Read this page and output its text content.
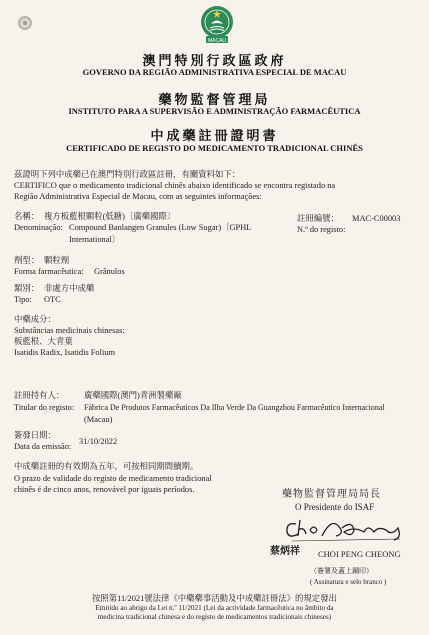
MACAU
澳門特別行政區政府
GOVERNO DA REGIÃO ADMINISTRATIVA ESPECIAL DE MACAU
藥物監督管理局
INSTITUTO PARA A SUPERVISÃO E ADMINISTRAÇÃO FARMACÊUTICA
中成藥註冊證明書
CERTIFICADO DE REGISTO DO MEDICAMENTO TRADICIONAL CHINÊS
茲證明下列中成藥已在澳門特別行政區註冊，有關資料如下：
CERTIFICO que o medicamento tradicional chinês abaixo identificado se encontra registado na
Região Administrativa Especial de Macau, com as seguintes informações:
名稱： 複方板藍根顆粒(低糖)〔廣藥國際〕
Denominação: Compound Banlangen Granules (Low Sugar)〔GPHL
International〕
註冊編號： MAC-C00003
N.º do registo:
劑型： 顆粒劑
Forma farmacêutica: Grânulos
類別： 非處方中成藥
Tipo: OTC
中藥成分：
Substâncias medicinais chinesas:
板藍根、大青葉
Isatidis Radix, Isatidis Folium
註冊持有人： 廣藥國際(澳門)青洲製藥廠
Titular do registo: Fábrica De Produtos Farmacêuticos Da Ilha Verde Da Guangzhou Farmacêutico Internacional
(Macau)
簽發日期：
31/10/2022
Data da emissão:
中成藥註冊的有效期為五年，可按相同期間續期。
O prazo de validade do registo de medicamento tradicional
chinês é de cinco anos, renovável por iguais períodos.	藥物監督管理局局長
O Presidente do ISAF
蔡炳祥 CHOI PENG CHEONG
（簽署及蓋上鋼印）
( Assinatura e selo branco )
按照第11/2021號法律《中藥藥事活動及中成藥註冊法》的規定發出
Emitido ao abrigo da Lei n.º 11/2021 (Lei da actividade farmacêutica no âmbito da
medicina tradicional chinesa e do registo de medicamentos tradicionais chineses)
